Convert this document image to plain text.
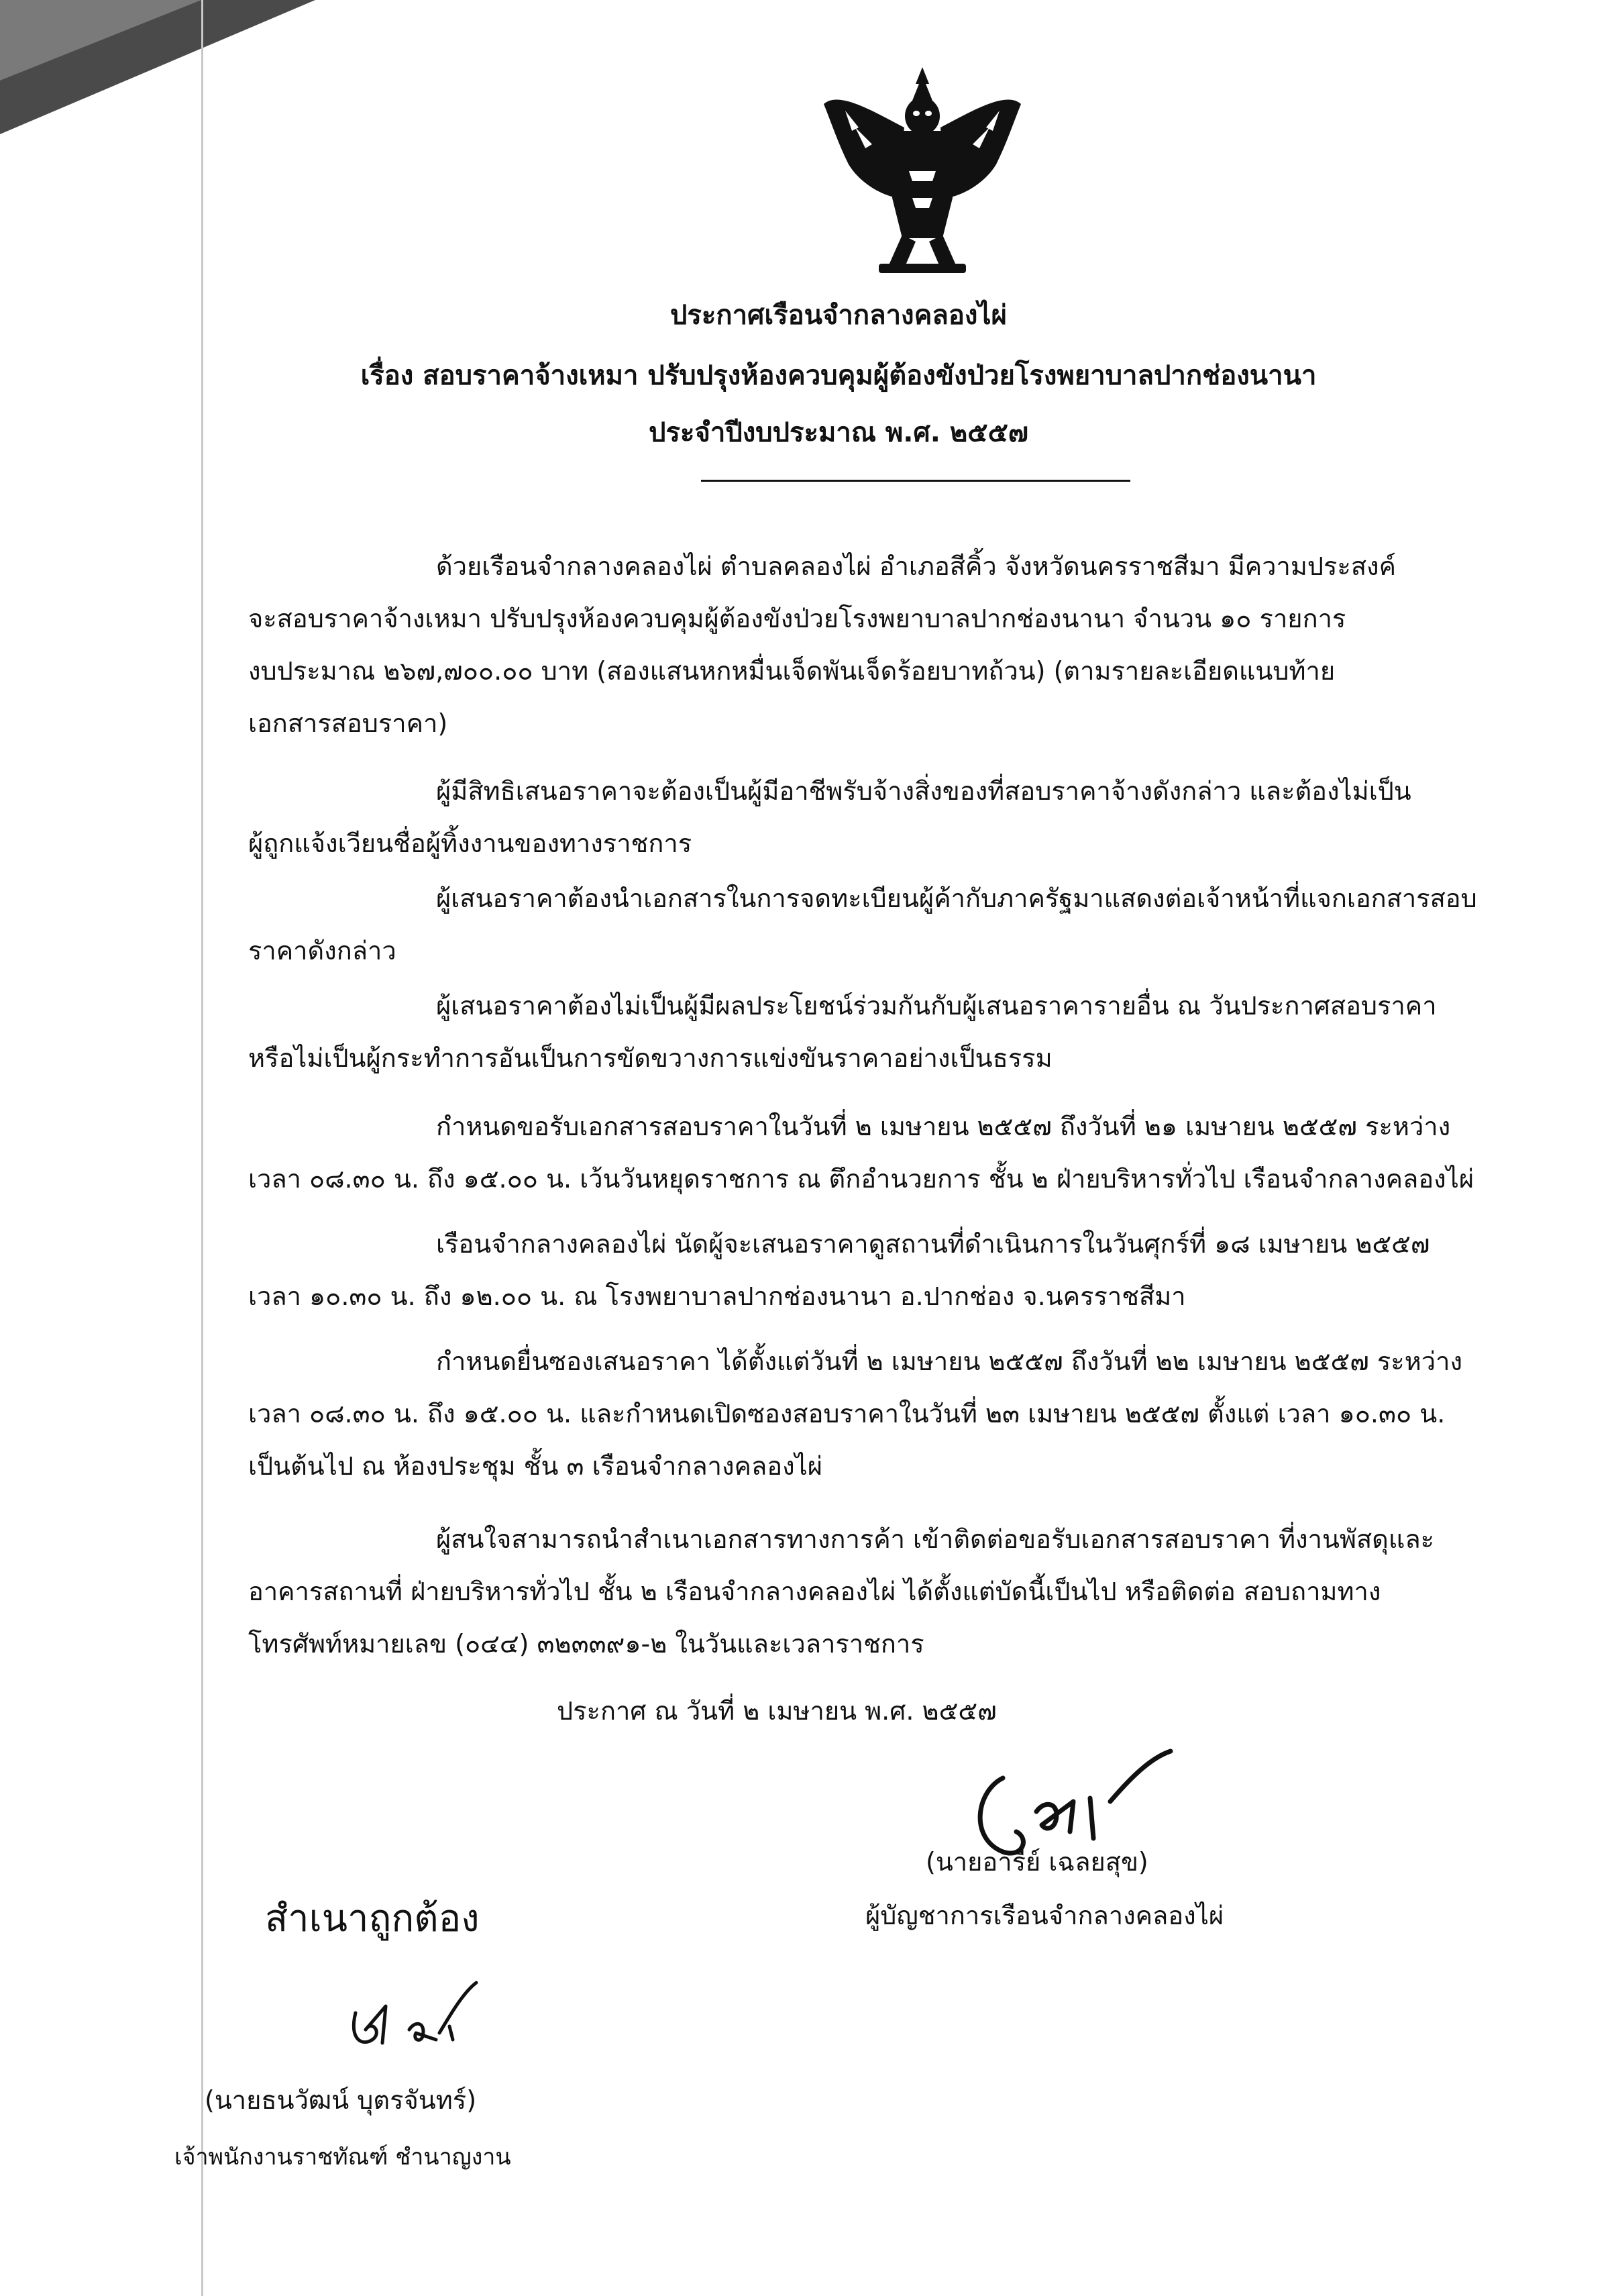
ประกาศเรือนจำกลางคลองไผ่
เรื่อง สอบราคาจ้างเหมา ปรับปรุงห้องควบคุมผู้ต้องขังป่วยโรงพยาบาลปากช่องนานา
ประจำปีงบประมาณ พ.ศ. ๒๕๕๗
ด้วยเรือนจำกลางคลองไผ่ ตำบลคลองไผ่ อำเภอสีคิ้ว จังหวัดนครราชสีมา มีความประสงค์
จะสอบราคาจ้างเหมา ปรับปรุงห้องควบคุมผู้ต้องขังป่วยโรงพยาบาลปากช่องนานา จำนวน ๑๐ รายการ
งบประมาณ ๒๖๗,๗๐๐.๐๐ บาท (สองแสนหกหมื่นเจ็ดพันเจ็ดร้อยบาทถ้วน) (ตามรายละเอียดแนบท้าย
เอกสารสอบราคา)
ผู้มีสิทธิเสนอราคาจะต้องเป็นผู้มีอาชีพรับจ้างสิ่งของที่สอบราคาจ้างดังกล่าว และต้องไม่เป็น
ผู้ถูกแจ้งเวียนชื่อผู้ทิ้งงานของทางราชการ
ผู้เสนอราคาต้องนำเอกสารในการจดทะเบียนผู้ค้ากับภาครัฐมาแสดงต่อเจ้าหน้าที่แจกเอกสารสอบ
ราคาดังกล่าว
ผู้เสนอราคาต้องไม่เป็นผู้มีผลประโยชน์ร่วมกันกับผู้เสนอราคารายอื่น ณ วันประกาศสอบราคา
หรือไม่เป็นผู้กระทำการอันเป็นการขัดขวางการแข่งขันราคาอย่างเป็นธรรม
กำหนดขอรับเอกสารสอบราคาในวันที่ ๒ เมษายน ๒๕๕๗ ถึงวันที่ ๒๑ เมษายน ๒๕๕๗ ระหว่าง
เวลา ๐๘.๓๐ น. ถึง ๑๕.๐๐ น. เว้นวันหยุดราชการ ณ ตึกอำนวยการ ชั้น ๒ ฝ่ายบริหารทั่วไป เรือนจำกลางคลองไผ่
เรือนจำกลางคลองไผ่ นัดผู้จะเสนอราคาดูสถานที่ดำเนินการในวันศุกร์ที่ ๑๘ เมษายน ๒๕๕๗
เวลา ๑๐.๓๐ น. ถึง ๑๒.๐๐ น. ณ โรงพยาบาลปากช่องนานา อ.ปากช่อง จ.นครราชสีมา
กำหนดยื่นซองเสนอราคา ได้ตั้งแต่วันที่ ๒ เมษายน ๒๕๕๗ ถึงวันที่ ๒๒ เมษายน ๒๕๕๗ ระหว่าง
เวลา ๐๘.๓๐ น. ถึง ๑๕.๐๐ น. และกำหนดเปิดซองสอบราคาในวันที่ ๒๓ เมษายน ๒๕๕๗ ตั้งแต่ เวลา ๑๐.๓๐ น.
เป็นต้นไป ณ ห้องประชุม ชั้น ๓ เรือนจำกลางคลองไผ่
ผู้สนใจสามารถนำสำเนาเอกสารทางการค้า เข้าติดต่อขอรับเอกสารสอบราคา ที่งานพัสดุและ
อาคารสถานที่ ฝ่ายบริหารทั่วไป ชั้น ๒ เรือนจำกลางคลองไผ่ ได้ตั้งแต่บัดนี้เป็นไป หรือติดต่อ สอบถามทาง
โทรศัพท์หมายเลข (๐๔๔) ๓๒๓๓๙๑-๒ ในวันและเวลาราชการ
ประกาศ ณ วันที่ ๒ เมษายน พ.ศ. ๒๕๕๗
(นายอารีย์ เฉลยสุข)
ผู้บัญชาการเรือนจำกลางคลองไผ่
สำเนาถูกต้อง
(นายธนวัฒน์ บุตรจันทร์)
เจ้าพนักงานราชทัณฑ์ ชำนาญงาน
